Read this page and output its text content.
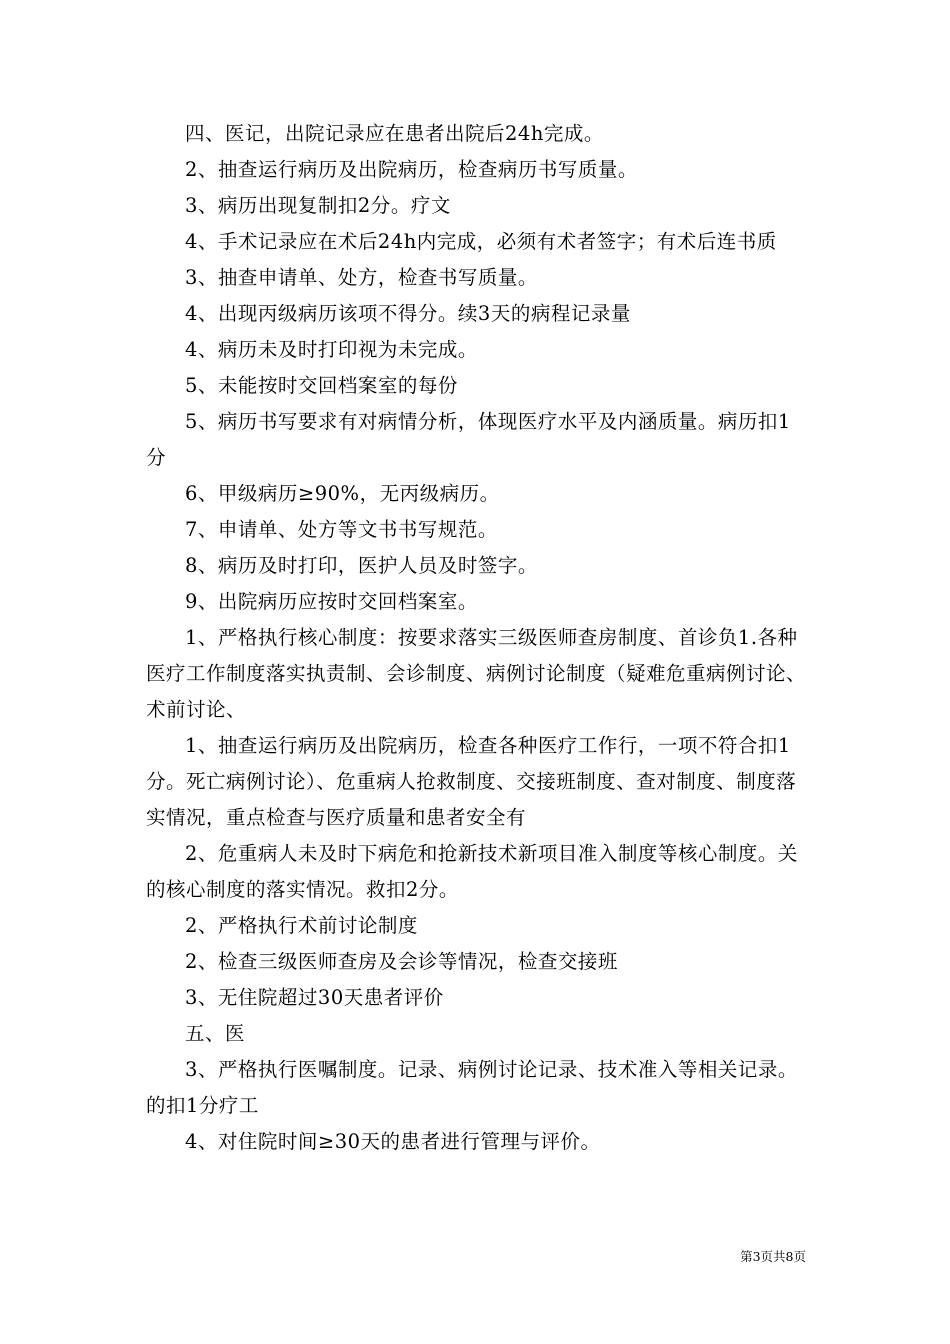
四、医记，出院记录应在患者出院后24h完成。

2、抽查运行病历及出院病历，检查病历书写质量。

3、病历出现复制扣2分。疗文

4、手术记录应在术后24h内完成，必须有术者签字；有术后连书质

3、抽查申请单、处方，检查书写质量。

4、出现丙级病历该项不得分。续3天的病程记录量

4、病历未及时打印视为未完成。

5、未能按时交回档案室的每份

5、病历书写要求有对病情分析，体现医疗水平及内涵质量。病历扣1分

6、甲级病历≥90%，无丙级病历。

7、申请单、处方等文书书写规范。

8、病历及时打印，医护人员及时签字。

9、出院病历应按时交回档案室。

1、严格执行核心制度：按要求落实三级医师查房制度、首诊负1.各种医疗工作制度落实执责制、会诊制度、病例讨论制度（疑难危重病例讨论、术前讨论、

1、抽查运行病历及出院病历，检查各种医疗工作行，一项不符合扣1分。死亡病例讨论）、危重病人抢救制度、交接班制度、查对制度、制度落实情况，重点检查与医疗质量和患者安全有

2、危重病人未及时下病危和抢新技术新项目准入制度等核心制度。关的核心制度的落实情况。救扣2分。

2、严格执行术前讨论制度

2、检查三级医师查房及会诊等情况，检查交接班

3、无住院超过30天患者评价

五、医

3、严格执行医嘱制度。记录、病例讨论记录、技术准入等相关记录。的扣1分疗工

4、对住院时间≥30天的患者进行管理与评价。

第3页共8页
